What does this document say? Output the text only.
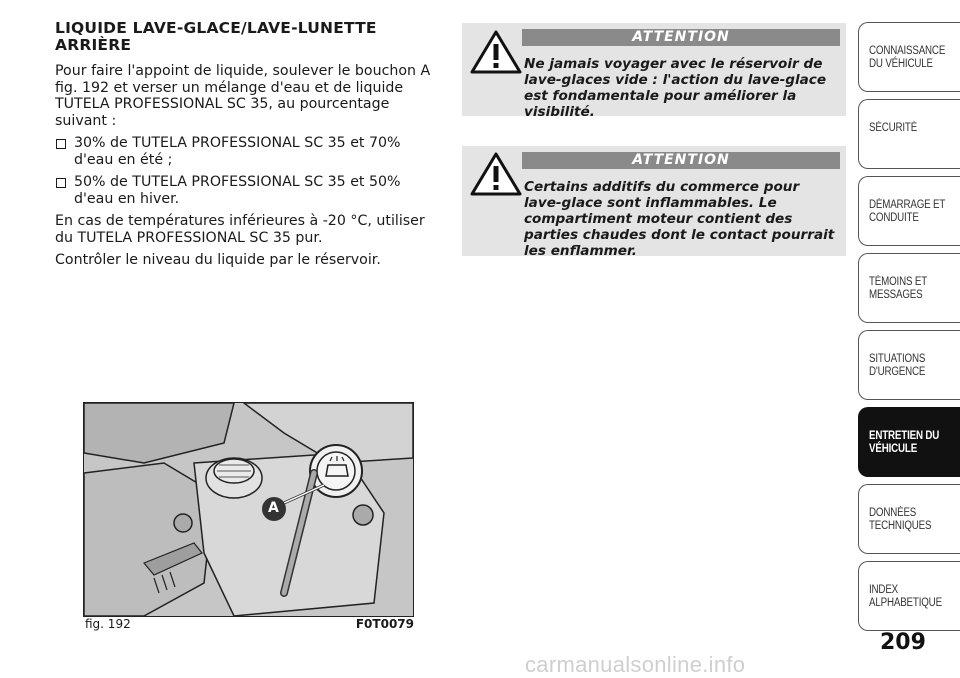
LIQUIDE LAVE-GLACE/LAVE-LUNETTE
ARRIÈRE

Pour faire l'appoint de liquide, soulever le bouchon A fig. 192 et verser un mélange d'eau et de liquide TUTELA PROFESSIONAL SC 35, au pourcentage suivant :

30% de TUTELA PROFESSIONAL SC 35 et 70% d'eau en été ;
50% de TUTELA PROFESSIONAL SC 35 et 50% d'eau en hiver.

En cas de températures inférieures à -20 °C, utiliser du TUTELA PROFESSIONAL SC 35 pur.

Contrôler le niveau du liquide par le réservoir.

A
fig. 192	F0T0079
ATTENTION
Ne jamais voyager avec le réservoir de lave-glaces vide : l'action du lave-glace est fondamentale pour améliorer la visibilité.
ATTENTION
Certains additifs du commerce pour lave-glace sont inflammables. Le compartiment moteur contient des parties chaudes dont le contact pourrait les enflammer.
CONNAISSANCE
DU VÉHICULE
SÉCURITÉ
DÉMARRAGE ET
CONDUITE
TÉMOINS ET
MESSAGES
SITUATIONS
D'URGENCE
ENTRETIEN DU
VÉHICULE
DONNÉES
TECHNIQUES
INDEX
ALPHABETIQUE
209
carmanualsonline.info
